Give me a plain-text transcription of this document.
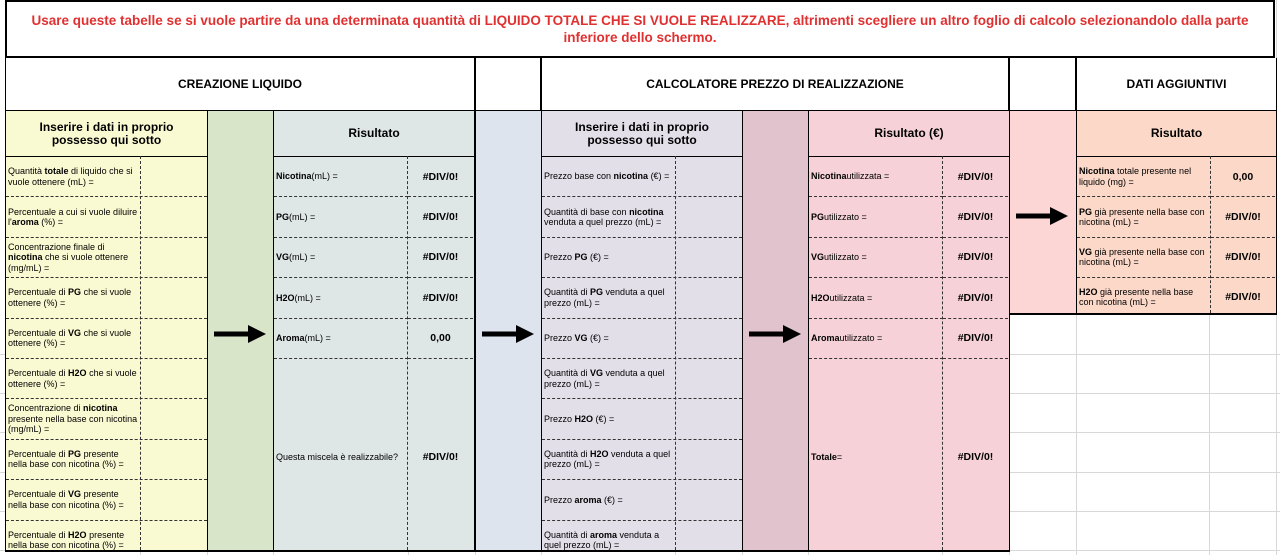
Usare queste tabelle se si vuole partire da una determinata quantità di LIQUIDO TOTALE CHE SI VUOLE REALIZZARE, altrimenti scegliere un altro foglio di calcolo selezionandolo dalla parte inferiore dello schermo.
CREAZIONE LIQUIDO	CALCOLATORE PREZZO DI REALIZZAZIONE	DATI AGGIUNTIVI
Inserire i dati in proprio possesso qui sotto
Quantità totale di liquido che si vuole ottenere (mL) =
Percentuale a cui si vuole diluire l'aroma (%) =
Concentrazione finale di nicotina che si vuole ottenere (mg/mL) =
Percentuale di PG che si vuole ottenere (%) =
Percentuale di VG che si vuole ottenere (%) =
Percentuale di H2O che si vuole ottenere (%) =
Concentrazione di nicotina presente nella base con nicotina (mg/mL) =
Percentuale di PG presente nella base con nicotina (%) =
Percentuale di VG presente nella base con nicotina (%) =
Percentuale di H2O presente nella base con nicotina (%) =
Risultato
Nicotina (mL) =
PG (mL) =
VG (mL) =
H2O (mL) =
Aroma (mL) =
Questa miscela è realizzabile?
#DIV/0!
#DIV/0!
#DIV/0!
#DIV/0!
0,00
#DIV/0!
Inserire i dati in proprio possesso qui sotto
Prezzo base con nicotina (€) =
Quantità di base con nicotina venduta a quel prezzo (mL) =
Prezzo PG (€) =
Quantità di PG venduta a quel prezzo (mL) =
Prezzo VG (€) =
Quantità di VG venduta a quel prezzo (mL) =
Prezzo H2O (€) =
Quantità di H2O venduta a quel prezzo (mL) =
Prezzo aroma (€) =
Quantità di aroma venduta a quel prezzo (mL) =
Risultato (€)
Nicotina utilizzata =
PG utilizzato =
VG utilizzato =
H2O utilizzata =
Aroma utilizzato =
Totale =
#DIV/0!
#DIV/0!
#DIV/0!
#DIV/0!
#DIV/0!
#DIV/0!
Risultato
Nicotina totale presente nel liquido (mg) =
PG già presente nella base con nicotina (mL) =
VG già presente nella base con nicotina (mL) =
H2O già presente nella base con nicotina (mL) =
0,00
#DIV/0!
#DIV/0!
#DIV/0!
